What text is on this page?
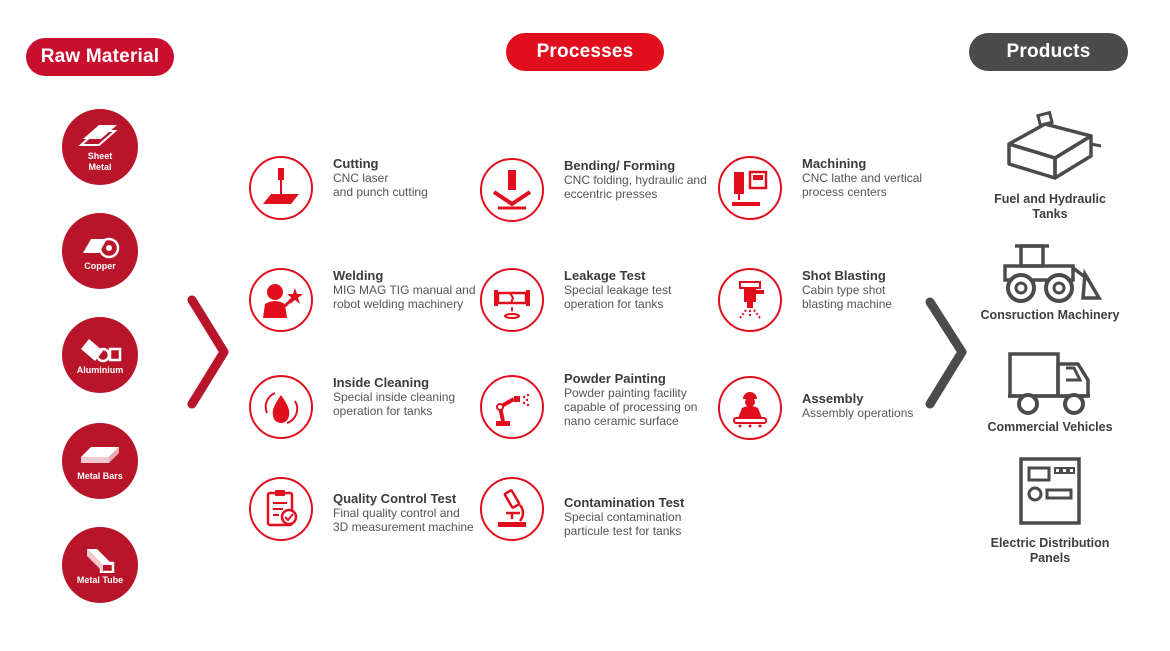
Raw Material	Processes	Products
Sheet
Metal
Copper
Aluminium
Metal Bars
Metal Tube
Cutting
CNC laser
and punch cutting
Bending/ Forming
CNC folding, hydraulic and
eccentric presses
Machining
CNC lathe and vertical
process centers
Welding
MIG MAG TIG manual and
robot welding machinery
Leakage Test
Special leakage test
operation for tanks
Shot Blasting
Cabin type shot
blasting machine
Inside Cleaning
Special inside cleaning
operation for tanks
Powder Painting
Powder painting facility
capable of processing on
nano ceramic surface
Assembly
Assembly operations
Quality Control Test
Final quality control and
3D measurement machine
Contamination Test
Special contamination
particule test for tanks
Fuel and Hydraulic
Tanks
Consruction Machinery
Commercial Vehicles
Electric Distribution
Panels
